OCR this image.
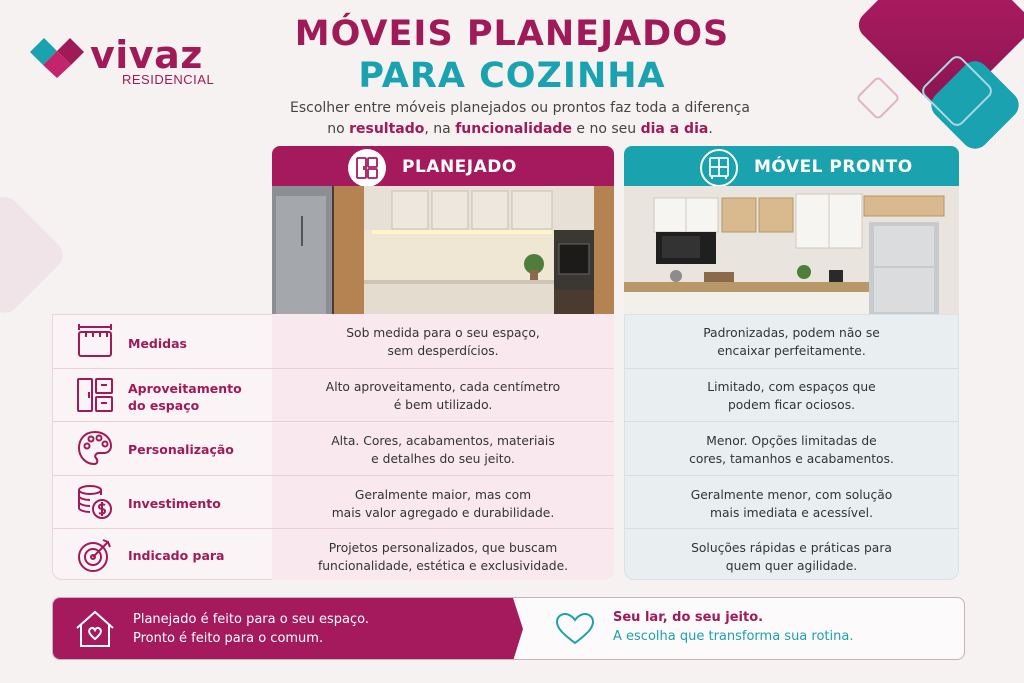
vivaz
RESIDENCIAL
MÓVEIS PLANEJADOS
PARA COZINHA
Escolher entre móveis planejados ou prontos faz toda a diferença
no resultado, na funcionalidade e no seu dia a dia.
PLANEJADO	MÓVEL PRONTO
Medidas
Sob medida para o seu espaço,
sem desperdícios.
Padronizadas, podem não se
encaixar perfeitamente.
Aproveitamento
do espaço
Alto aproveitamento, cada centímetro
é bem utilizado.
Limitado, com espaços que
podem ficar ociosos.
Personalização
Alta. Cores, acabamentos, materiais
e detalhes do seu jeito.
Menor. Opções limitadas de
cores, tamanhos e acabamentos.
Investimento
Geralmente maior, mas com
mais valor agregado e durabilidade.
Geralmente menor, com solução
mais imediata e acessível.
Indicado para	Projetos personalizados, que buscam
funcionalidade, estética e exclusividade.
Soluções rápidas e práticas para
quem quer agilidade.
Planejado é feito para o seu espaço.
Pronto é feito para o comum.
Seu lar, do seu jeito.
A escolha que transforma sua rotina.
